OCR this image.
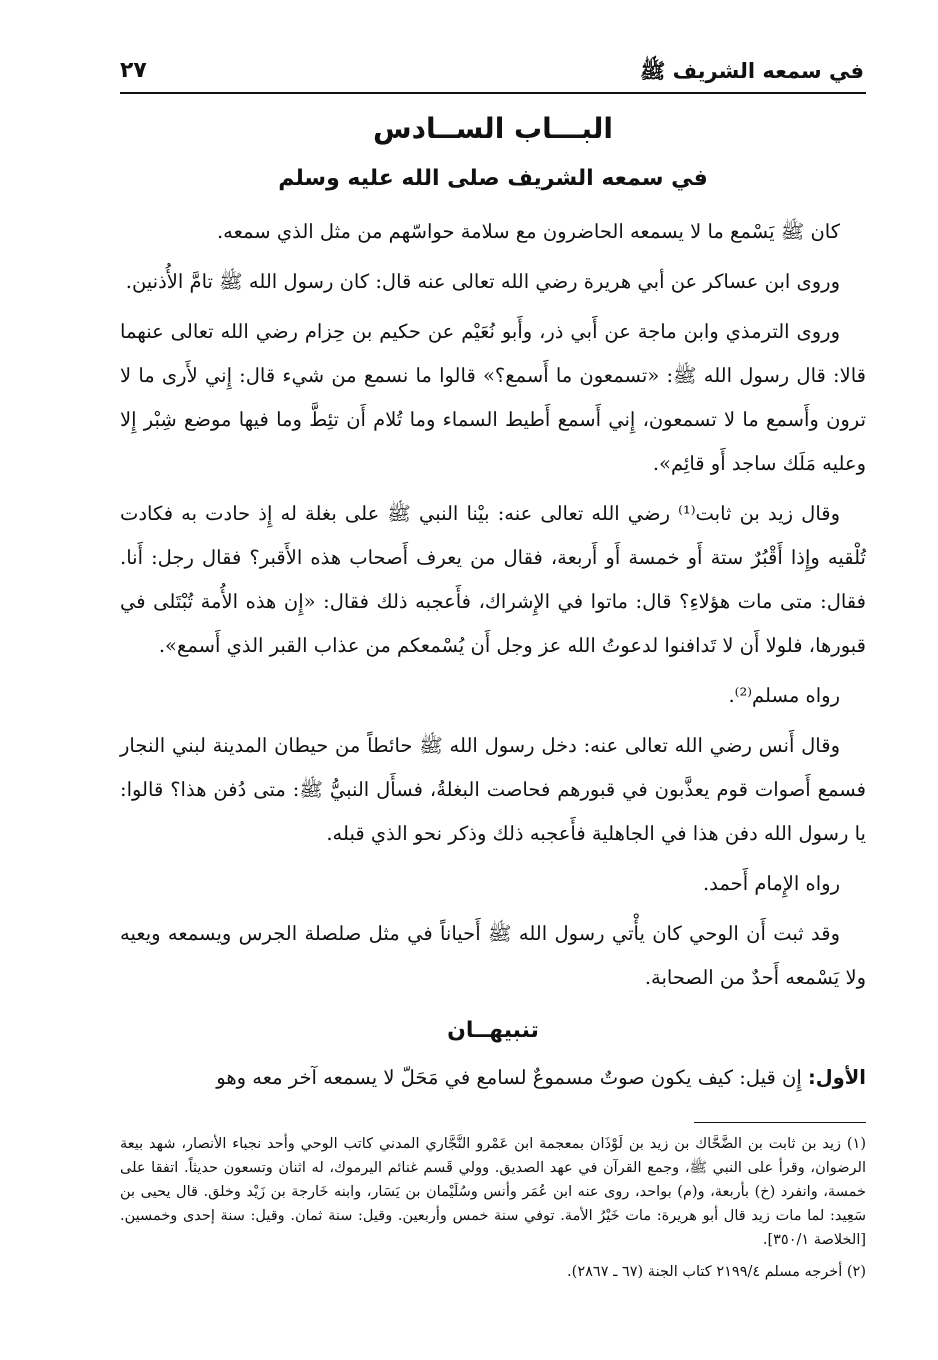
في سمعه الشريف ﷺ
٢٧
البـــاب الســادس
في سمعه الشريف صلى الله عليه وسلم

كان ﷺ يَسْمع ما لا يسمعه الحاضرون مع سلامة حواسّهم من مثل الذي سمعه.

وروى ابن عساكر عن أبي هريرة رضي الله تعالى عنه قال: كان رسول الله ﷺ تامَّ الأُذنين.

وروى الترمذي وابن ماجة عن أَبي ذر، وأَبو نُعَيْم عن حكيم بن حِزام رضي الله تعالى عنهما قالا: قال رسول الله ﷺ: «تسمعون ما أَسمع؟» قالوا ما نسمع من شيء قال: إِني لأَرى ما لا ترون وأَسمع ما لا تسمعون، إِني أَسمع أَطيط السماء وما تُلام أَن تئِطَّ وما فيها موضع شِبْر إِلا وعليه مَلَك ساجد أَو قائِم».

وقال زيد بن ثابت⁽¹⁾ رضي الله تعالى عنه: بيْنا النبي ﷺ على بغلة له إِذ حادت به فكادت تُلْقيه وإِذا أَقْبُرٌ ستة أَو خمسة أَو أَربعة، فقال من يعرف أَصحاب هذه الأَقبر؟ فقال رجل: أَنا. فقال: متى مات هؤلاءِ؟ قال: ماتوا في الإِشراك، فأَعجبه ذلك فقال: «إِن هذه الأُمة تُبْتَلى في قبورها، فلولا أَن لا تَدافنوا لدعوتُ الله عز وجل أَن يُسْمعكم من عذاب القبر الذي أَسمع».

رواه مسلم⁽²⁾.

وقال أَنس رضي الله تعالى عنه: دخل رسول الله ﷺ حائطاً من حيطان المدينة لبني النجار فسمع أَصوات قوم يعذَّبون في قبورهم فحاصت البغلةُ، فسأَل النبيُّ ﷺ: متى دُفن هذا؟ قالوا: يا رسول الله دفن هذا في الجاهلية فأَعجبه ذلك وذكر نحو الذي قبله.

رواه الإِمام أَحمد.

وقد ثبت أَن الوحي كان يأْتي رسول الله ﷺ أَحياناً في مثل صلصلة الجرس ويسمعه ويعيه ولا يَسْمعه أَحدٌ من الصحابة.

تنبيهــان

الأول: إِن قيل: كيف يكون صوتٌ مسموعٌ لسامع في مَحَلّ لا يسمعه آخر معه وهو

(١) زيد بن ثابت بن الضَّحَّاك بن زيد بن لَوْذَان بمعجمة ابن عَمْرو النَّجَّاري المدني كاتب الوحي وأحد نجباء الأنصار، شهد بيعة الرضوان، وقرأ على النبي ﷺ، وجمع القرآن في عهد الصديق. وولي قَسم غنائم اليرموك، له اثنان وتسعون حديثاً. اتفقا على خمسة، وانفرد (خ) بأربعة، و(م) بواحد، روى عنه ابن عُمَر وأنس وسُلَيْمان بن يَسَار، وابنه خَارجة بن زَيْد وخلق. قال يحيى بن سَعِيد: لما مات زيد قال أبو هريرة: مات خَيْرُ الأمة. توفي سنة خمس وأربعين. وقيل: سنة ثمان. وقيل: سنة إحدى وخمسين. [الخلاصة ٣٥٠/١].

(٢) أخرجه مسلم ٢١٩٩/٤ كتاب الجنة (٦٧ ـ ٢٨٦٧).
